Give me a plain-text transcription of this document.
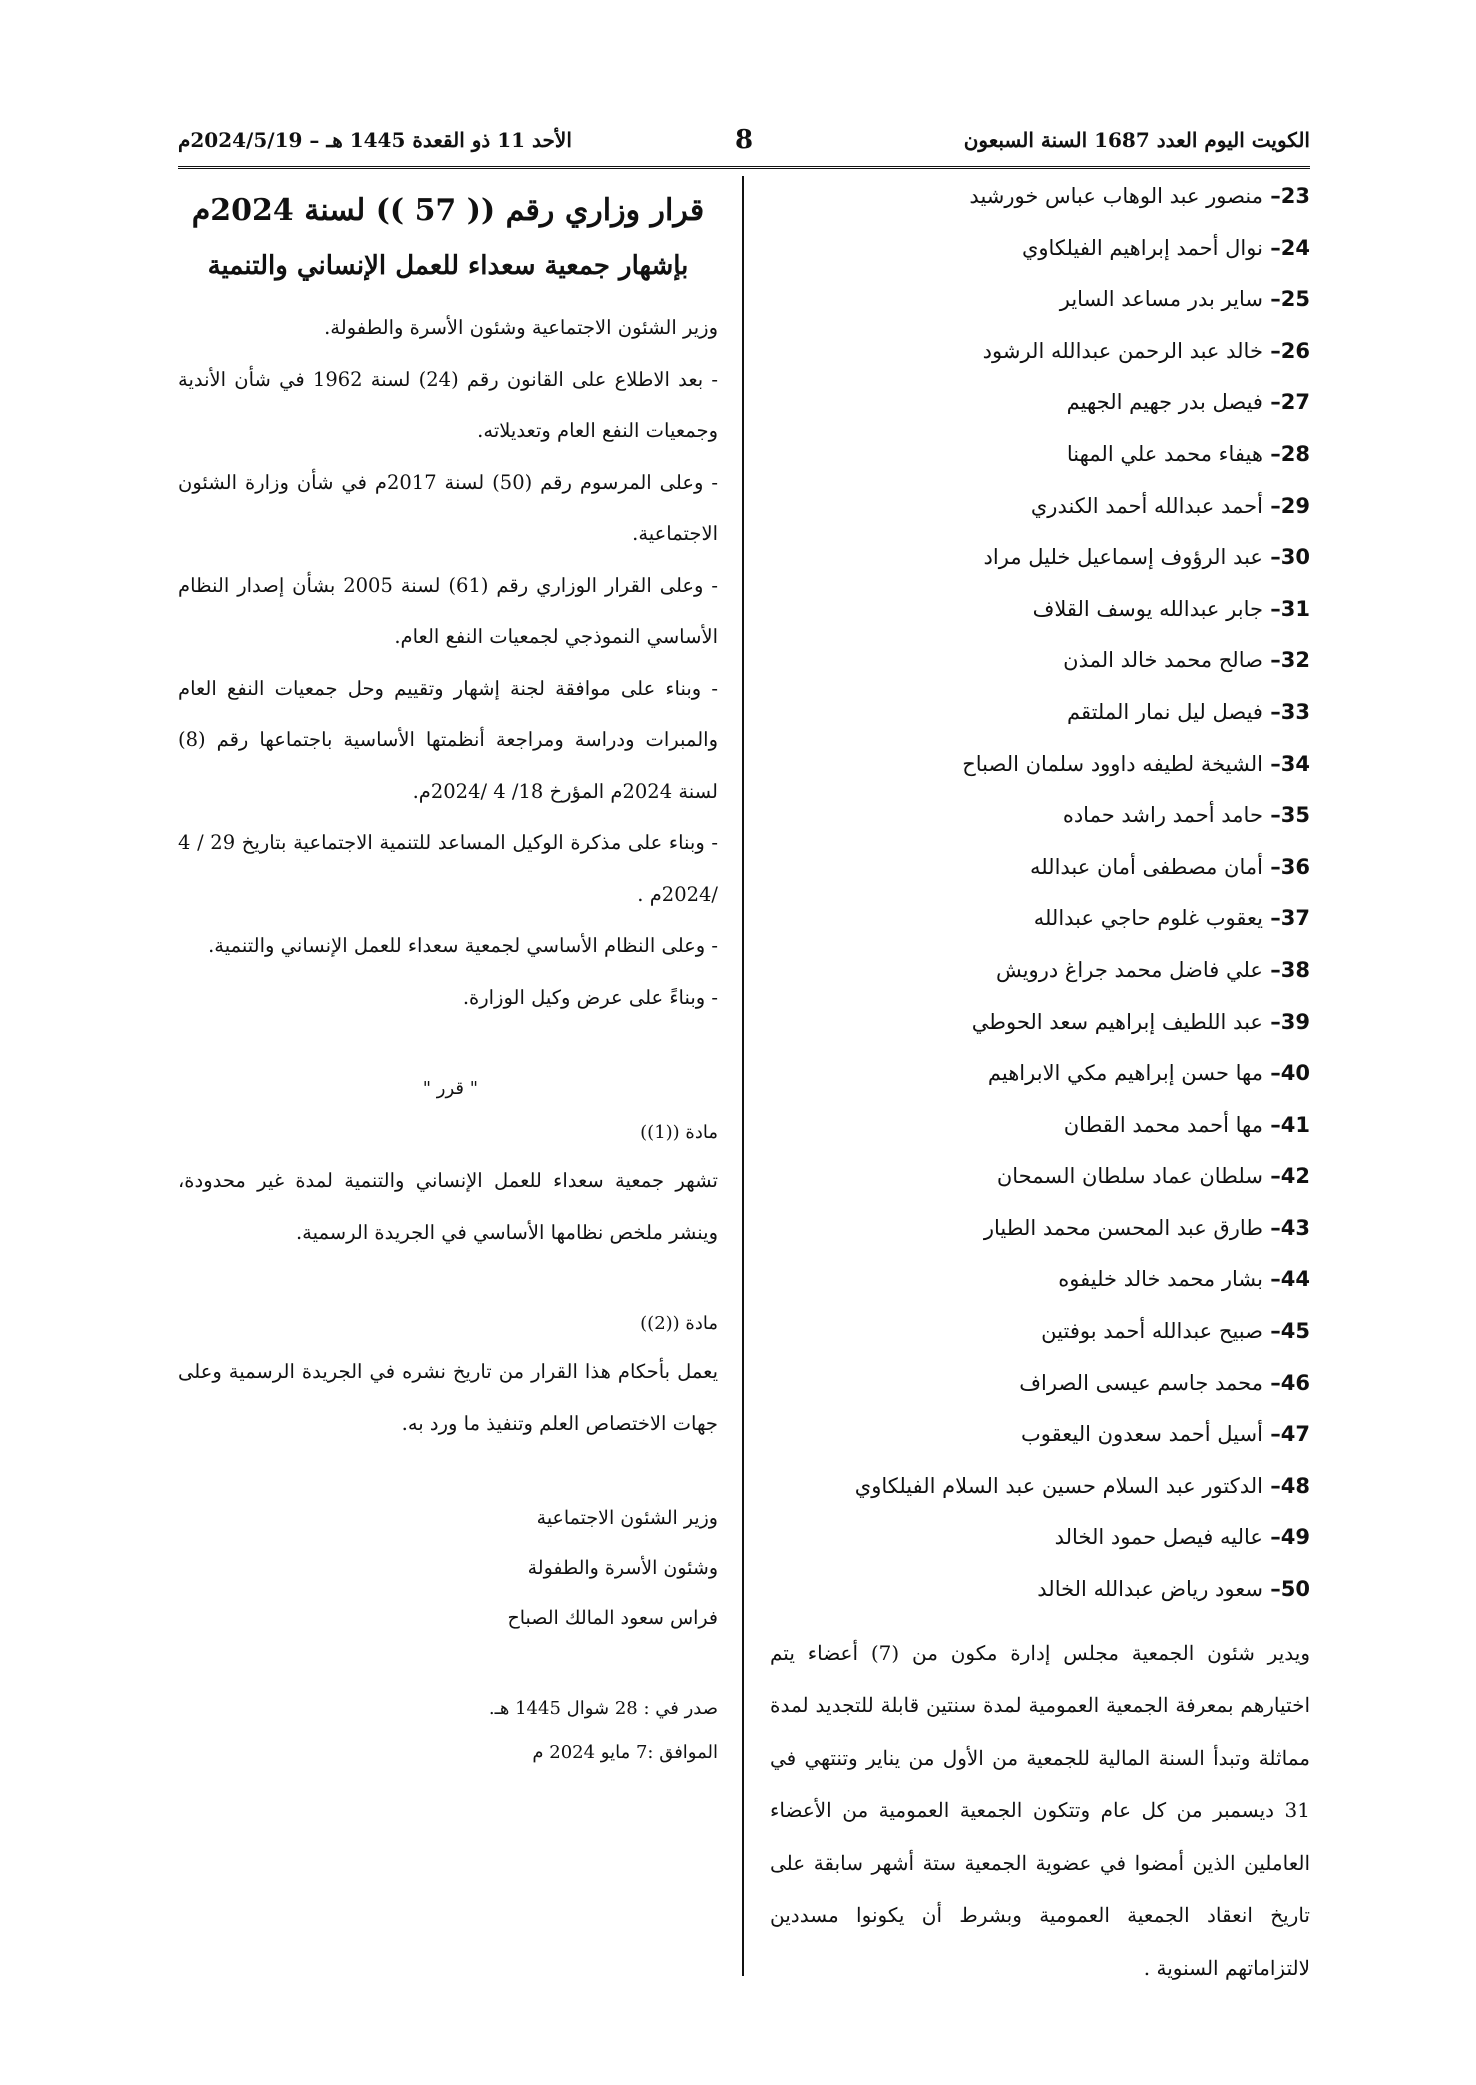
الأحد 11 ذو القعدة 1445 هـ – 2024/5/19م	8	الكويت اليوم العدد 1687 السنة السبعون
23– منصور عبد الوهاب عباس خورشيد
24– نوال أحمد إبراهيم الفيلكاوي
25– ساير بدر مساعد الساير
26– خالد عبد الرحمن عبدالله الرشود
27– فيصل بدر جهيم الجهيم
28– هيفاء محمد علي المهنا
29– أحمد عبدالله أحمد الكندري
30– عبد الرؤوف إسماعيل خليل مراد
31– جابر عبدالله يوسف القلاف
32– صالح محمد خالد المذن
33– فيصل ليل نمار الملتقم
34– الشيخة لطيفه داوود سلمان الصباح
35– حامد أحمد راشد حماده
36– أمان مصطفى أمان عبدالله
37– يعقوب غلوم حاجي عبدالله
38– علي فاضل محمد جراغ درويش
39– عبد اللطيف إبراهيم سعد الحوطي
40– مها حسن إبراهيم مكي الابراهيم
41– مها أحمد محمد القطان
42– سلطان عماد سلطان السمحان
43– طارق عبد المحسن محمد الطيار
44– بشار محمد خالد خليفوه
45– صبيح عبدالله أحمد بوفتين
46– محمد جاسم عيسى الصراف
47– أسيل أحمد سعدون اليعقوب
48– الدكتور عبد السلام حسين عبد السلام الفيلكاوي
49– عاليه فيصل حمود الخالد
50– سعود رياض عبدالله الخالد

ويدير شئون الجمعية مجلس إدارة مكون من (7) أعضاء يتم اختيارهم بمعرفة الجمعية العمومية لمدة سنتين قابلة للتجديد لمدة مماثلة وتبدأ السنة المالية للجمعية من الأول من يناير وتنتهي في 31 ديسمبر من كل عام وتتكون الجمعية العمومية من الأعضاء العاملين الذين أمضوا في عضوية الجمعية ستة أشهر سابقة على تاريخ انعقاد الجمعية العمومية وبشرط أن يكونوا مسددين لالتزاماتهم السنوية .

قرار وزاري رقم (( 57 )) لسنة 2024م
بإشهار جمعية سعداء للعمل الإنساني والتنمية

وزير الشئون الاجتماعية وشئون الأسرة والطفولة.

- بعد الاطلاع على القانون رقم (24) لسنة 1962 في شأن الأندية وجمعيات النفع العام وتعديلاته.

- وعلى المرسوم رقم (50) لسنة 2017م في شأن وزارة الشئون الاجتماعية.

- وعلى القرار الوزاري رقم (61) لسنة 2005 بشأن إصدار النظام الأساسي النموذجي لجمعيات النفع العام.

- وبناء على موافقة لجنة إشهار وتقييم وحل جمعيات النفع العام والمبرات ودراسة ومراجعة أنظمتها الأساسية باجتماعها رقم (8) لسنة 2024م المؤرخ 18/ 4 /2024م.

- وبناء على مذكرة الوكيل المساعد للتنمية الاجتماعية بتاريخ 29 / 4 /2024م .

- وعلى النظام الأساسي لجمعية سعداء للعمل الإنساني والتنمية.

- وبناءً على عرض وكيل الوزارة.

" قرر "

مادة ((1))

تشهر جمعية سعداء للعمل الإنساني والتنمية لمدة غير محدودة، وينشر ملخص نظامها الأساسي في الجريدة الرسمية.

مادة ((2))

يعمل بأحكام هذا القرار من تاريخ نشره في الجريدة الرسمية وعلى جهات الاختصاص العلم وتنفيذ ما ورد به.

وزير الشئون الاجتماعية

وشئون الأسرة والطفولة

فراس سعود المالك الصباح

صدر في : 28 شوال 1445 هـ.

الموافق :7 مايو 2024 م
